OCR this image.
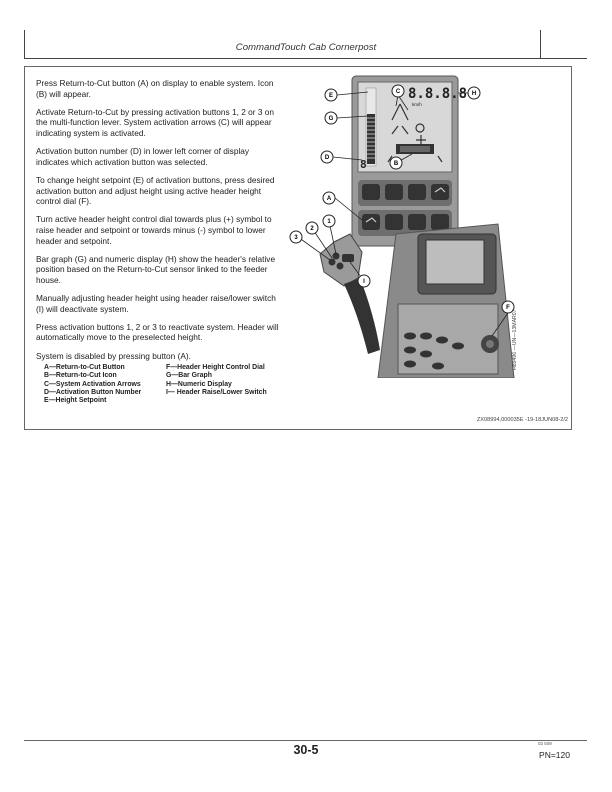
CommandTouch Cab Cornerpost

Press Return-to-Cut button (A) on display to enable system. Icon (B) will appear.

Activate Return-to-Cut by pressing activation buttons 1, 2 or 3 on the multi-function lever. System activation arrows (C) will appear indicating system is activated.

Activation button number (D) in lower left corner of display indicates which activation button was selected.

To change height setpoint (E) of activation buttons, press desired activation button and adjust height using active header height control dial (F).

Turn active header height control dial towards plus (+) symbol to raise header and setpoint or towards minus (-) symbol to lower header and setpoint.

Bar graph (G) and numeric display (H) show the header's relative position based on the Return-to-Cut sensor linked to the feeder house.

Manually adjusting header height using header raise/lower switch (I) will deactivate system.

Press activation buttons 1, 2 or 3 to reactivate system. Header will automatically move to the preselected height.

System is disabled by pressing button (A).

A—Return-to-Cut Button
B—Return-to-Cut Icon
C—System Activation Arrows
D—Activation Button Number
E—Height Setpoint
F—Header Height Control Dial
G—Bar Graph
H—Numeric Display
I— Header Raise/Lower Switch
8.8.8.8
km/h
8
E
C	H
G
D
B
A
1
2
3
I
F
H89496 —UN—13MAR07
ZX08994,000035E -19-18JUN08-2/2
30-5	02 509
PN=120
